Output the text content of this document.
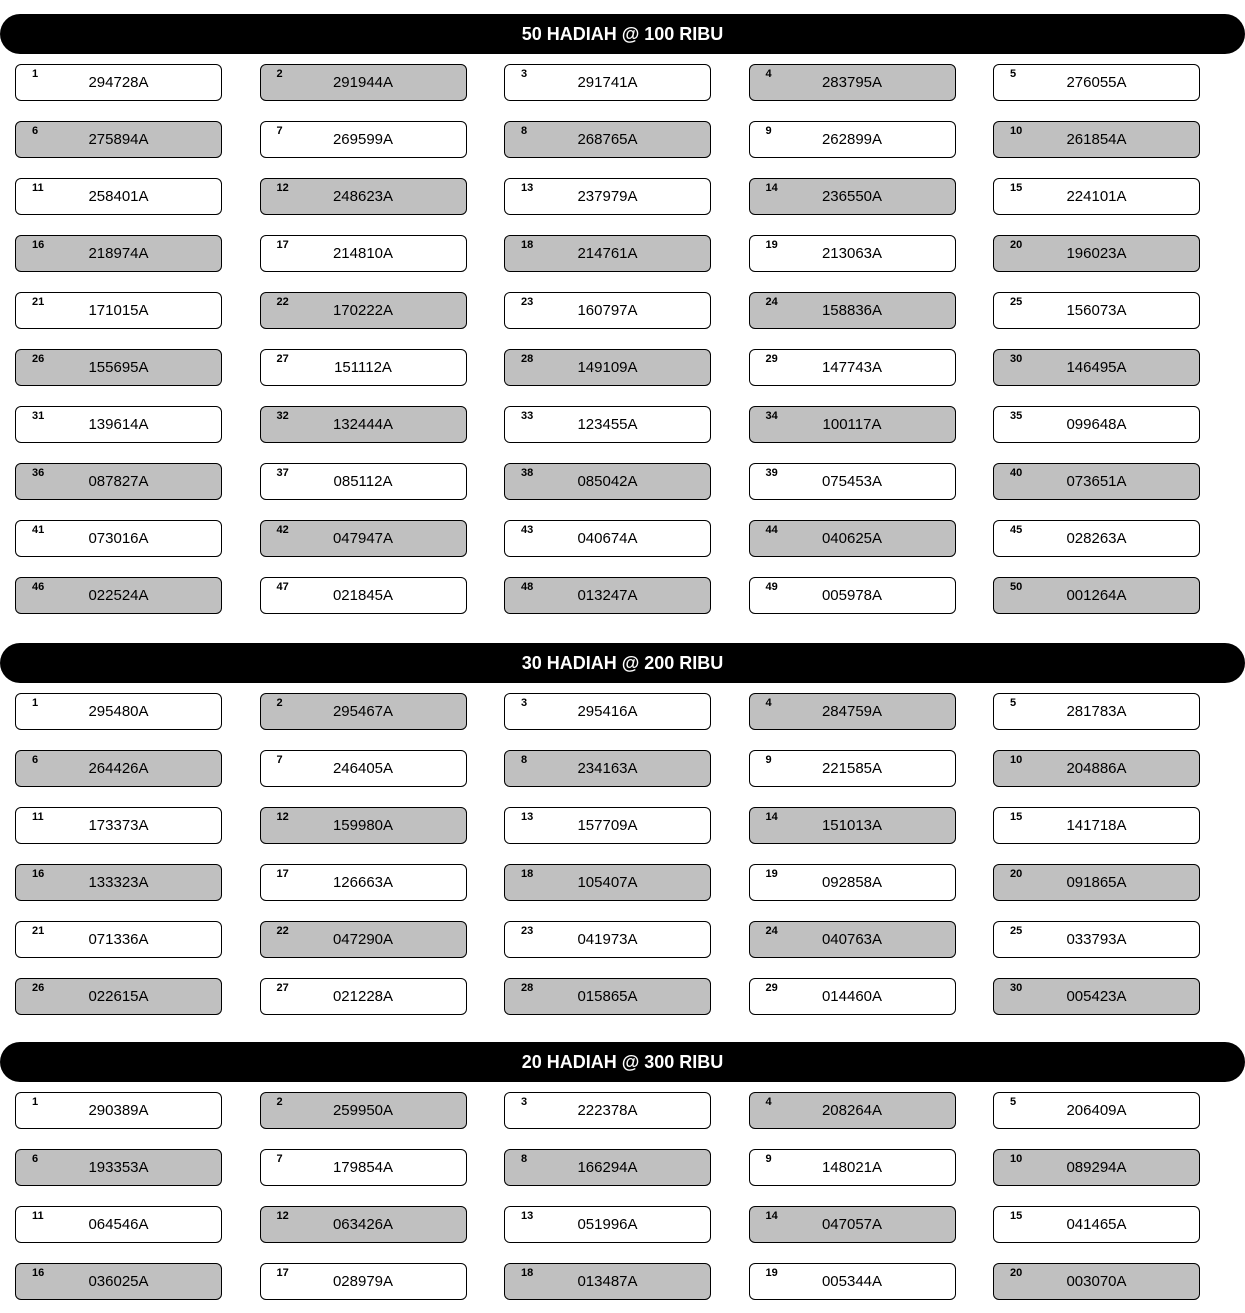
50 HADIAH @ 100 RIBU
1	294728A	2	291944A	3	291741A	4	283795A	5	276055A
6	275894A	7	269599A	8	268765A	9	262899A	10	261854A
11	258401A	12	248623A	13	237979A	14	236550A	15	224101A
16	218974A	17	214810A	18	214761A	19	213063A	20	196023A
21	171015A	22	170222A	23	160797A	24	158836A	25	156073A
26	155695A	27	151112A	28	149109A	29	147743A	30	146495A
31	139614A	32	132444A	33	123455A	34	100117A	35	099648A
36	087827A	37	085112A	38	085042A	39	075453A	40	073651A
41	073016A	42	047947A	43	040674A	44	040625A	45	028263A
46	022524A	47	021845A	48	013247A	49	005978A	50	001264A
30 HADIAH @ 200 RIBU
1	295480A	2	295467A	3	295416A	4	284759A	5	281783A
6	264426A	7	246405A	8	234163A	9	221585A	10	204886A
11	173373A	12	159980A	13	157709A	14	151013A	15	141718A
16	133323A	17	126663A	18	105407A	19	092858A	20	091865A
21	071336A	22	047290A	23	041973A	24	040763A	25	033793A
26	022615A	27	021228A	28	015865A	29	014460A	30	005423A
20 HADIAH @ 300 RIBU
1	290389A	2	259950A	3	222378A	4	208264A	5	206409A
6	193353A	7	179854A	8	166294A	9	148021A	10	089294A
11	064546A	12	063426A	13	051996A	14	047057A	15	041465A
16	036025A	17	028979A	18	013487A	19	005344A	20	003070A
